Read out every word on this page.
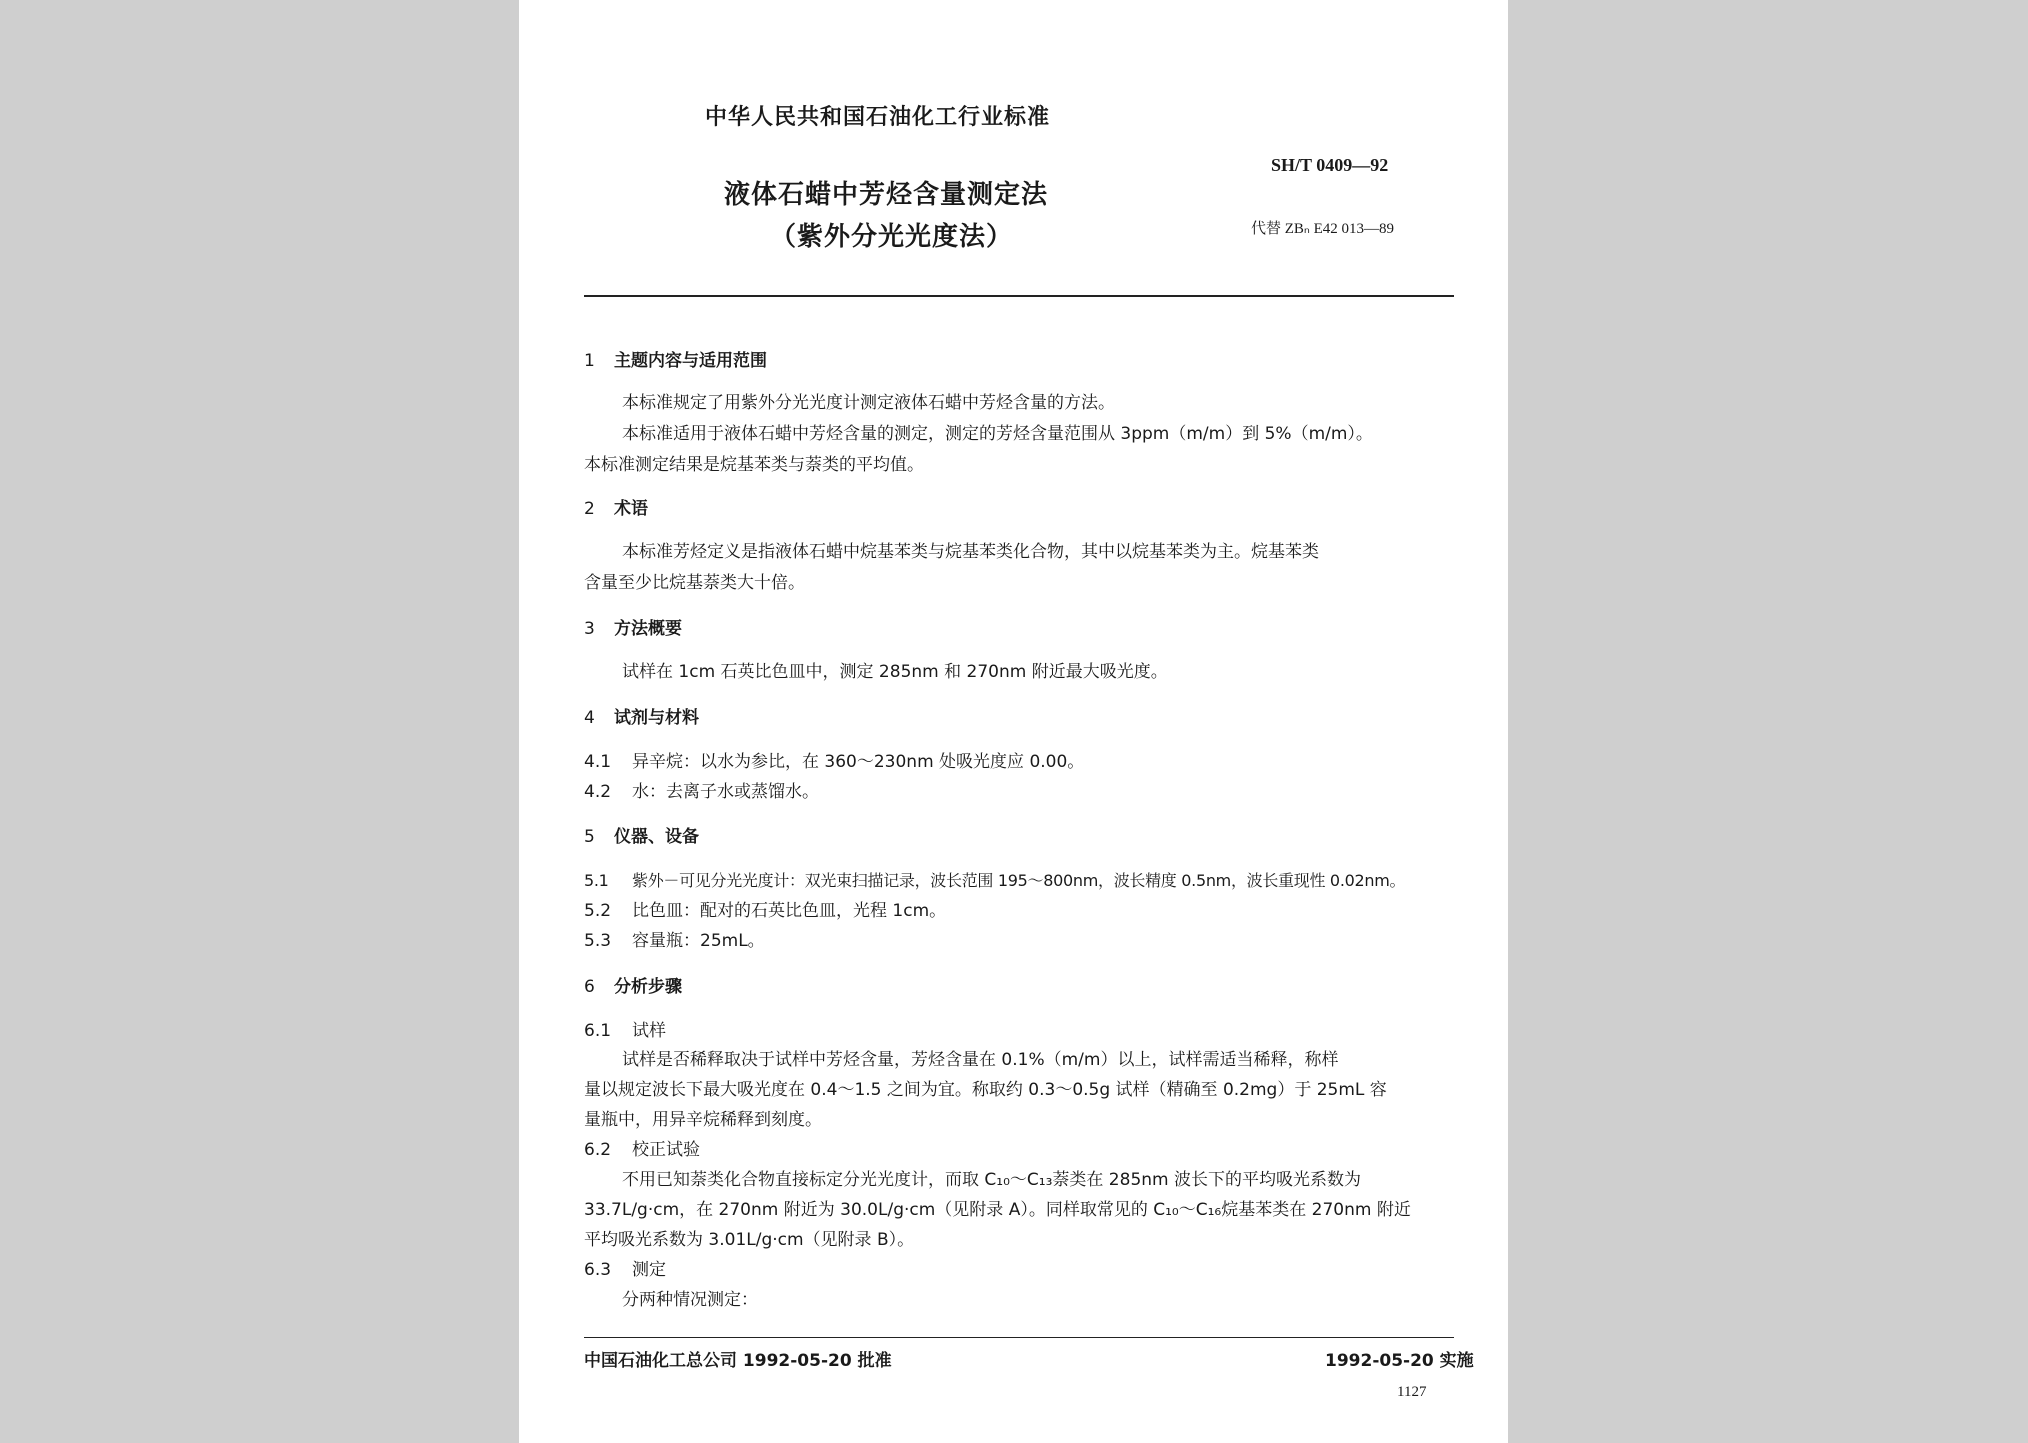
中华人民共和国石油化工行业标准
SH/T 0409—92
液体石蜡中芳烃含量测定法
（紫外分光光度法）	代替 ZBₙ E42 013—89
1 主题内容与适用范围
本标准规定了用紫外分光光度计测定液体石蜡中芳烃含量的方法。
本标准适用于液体石蜡中芳烃含量的测定，测定的芳烃含量范围从 3ppm（m/m）到 5%（m/m）。
本标准测定结果是烷基苯类与萘类的平均值。
2 术语
本标准芳烃定义是指液体石蜡中烷基苯类与烷基苯类化合物，其中以烷基苯类为主。烷基苯类
含量至少比烷基萘类大十倍。
3 方法概要
试样在 1cm 石英比色皿中，测定 285nm 和 270nm 附近最大吸光度。
4 试剂与材料
4.1 异辛烷：以水为参比，在 360～230nm 处吸光度应 0.00。
4.2 水：去离子水或蒸馏水。
5 仪器、设备
5.1 紫外－可见分光光度计：双光束扫描记录，波长范围 195～800nm，波长精度 0.5nm，波长重现性 0.02nm。
5.2 比色皿：配对的石英比色皿，光程 1cm。
5.3 容量瓶：25mL。
6 分析步骤
6.1 试样
试样是否稀释取决于试样中芳烃含量，芳烃含量在 0.1%（m/m）以上，试样需适当稀释，称样
量以规定波长下最大吸光度在 0.4～1.5 之间为宜。称取约 0.3～0.5g 试样（精确至 0.2mg）于 25mL 容
量瓶中，用异辛烷稀释到刻度。
6.2 校正试验
不用已知萘类化合物直接标定分光光度计，而取 C₁₀～C₁₃萘类在 285nm 波长下的平均吸光系数为
33.7L/g·cm，在 270nm 附近为 30.0L/g·cm（见附录 A）。同样取常见的 C₁₀～C₁₆烷基苯类在 270nm 附近
平均吸光系数为 3.01L/g·cm（见附录 B）。
6.3 测定
分两种情况测定：
中国石油化工总公司 1992-05-20 批准	1992-05-20 实施
1127
